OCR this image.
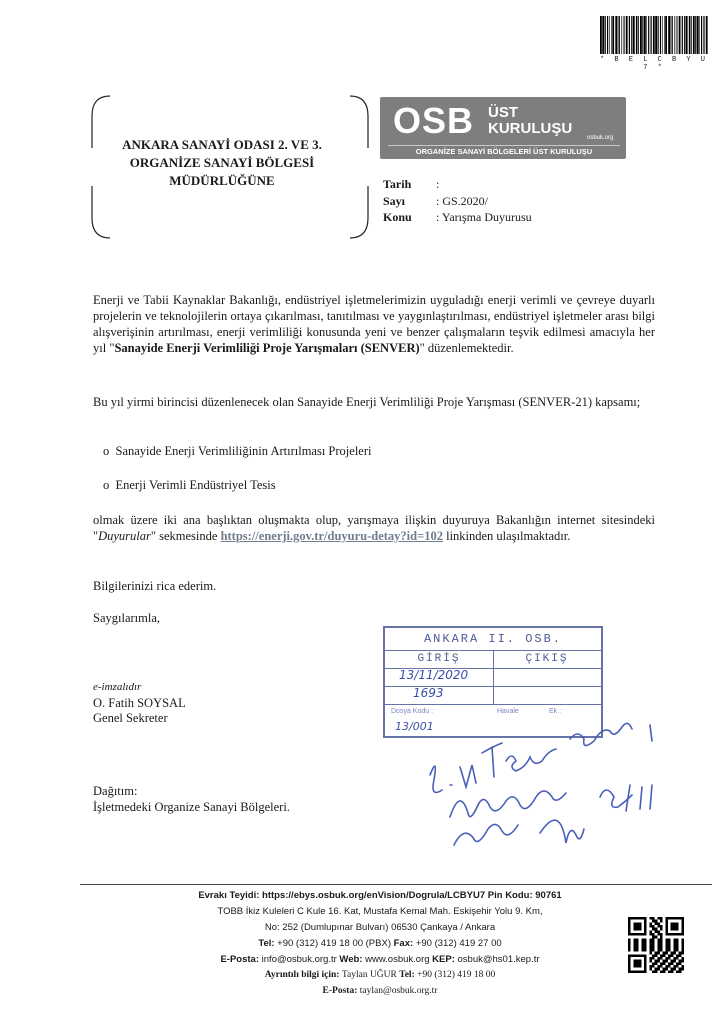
* B E L C B Y U 7 *
ANKARA SANAYİ ODASI 2. VE 3.
ORGANİZE SANAYİ BÖLGESİ
MÜDÜRLÜĞÜNE
OSB ÜST
KURULUŞU
osbuk.org
ORGANİZE SANAYİ BÖLGELERİ ÜST KURULUŞU
Tarih :
Sayı	: GS.2020/
Konu : Yarışma Duyurusu
Enerji ve Tabii Kaynaklar Bakanlığı, endüstriyel işletmelerimizin uyguladığı enerji verimli ve çevreye duyarlı projelerin ve teknolojilerin ortaya çıkarılması, tanıtılması ve yaygınlaştırılması, endüstriyel işletmeler arası bilgi alışverişinin artırılması, enerji verimliliği konusunda yeni ve benzer çalışmaların teşvik edilmesi amacıyla her yıl "Sanayide Enerji Verimliliği Proje Yarışmaları (SENVER)" düzenlemektedir.
Bu yıl yirmi birincisi düzenlenecek olan Sanayide Enerji Verimliliği Proje Yarışması (SENVER-21) kapsamı;
o Sanayide Enerji Verimliliğinin Artırılması Projeleri
o Enerji Verimli Endüstriyel Tesis
olmak üzere iki ana başlıktan oluşmakta olup, yarışmaya ilişkin duyuruya Bakanlığın internet sitesindeki "Duyurular" sekmesinde https://enerji.gov.tr/duyuru-detay?id=102 linkinden ulaşılmaktadır.
Bilgilerinizi rica ederim.
Saygılarımla,
ANKARA II. OSB.
GİRİŞ	ÇIKIŞ
13/11/2020
1693
Dosya Kodu :	Havale	Ek :
13/001
e-imzalıdır
O. Fatih SOYSAL
Genel Sekreter
Dağıtım:
İşletmedeki Organize Sanayi Bölgeleri.
Evrakı Teyidi: https://ebys.osbuk.org/enVision/Dogrula/LCBYU7 Pin Kodu: 90761
TOBB İkiz Kuleleri C Kule 16. Kat, Mustafa Kemal Mah. Eskişehir Yolu 9. Km,
No: 252 (Dumlupınar Bulvarı) 06530 Çankaya / Ankara
Tel: +90 (312) 419 18 00 (PBX) Fax: +90 (312) 419 27 00
E-Posta: info@osbuk.org.tr Web: www.osbuk.org KEP: osbuk@hs01.kep.tr
Ayrıntılı bilgi için: Taylan UĞUR Tel: +90 (312) 419 18 00
E-Posta: taylan@osbuk.org.tr
